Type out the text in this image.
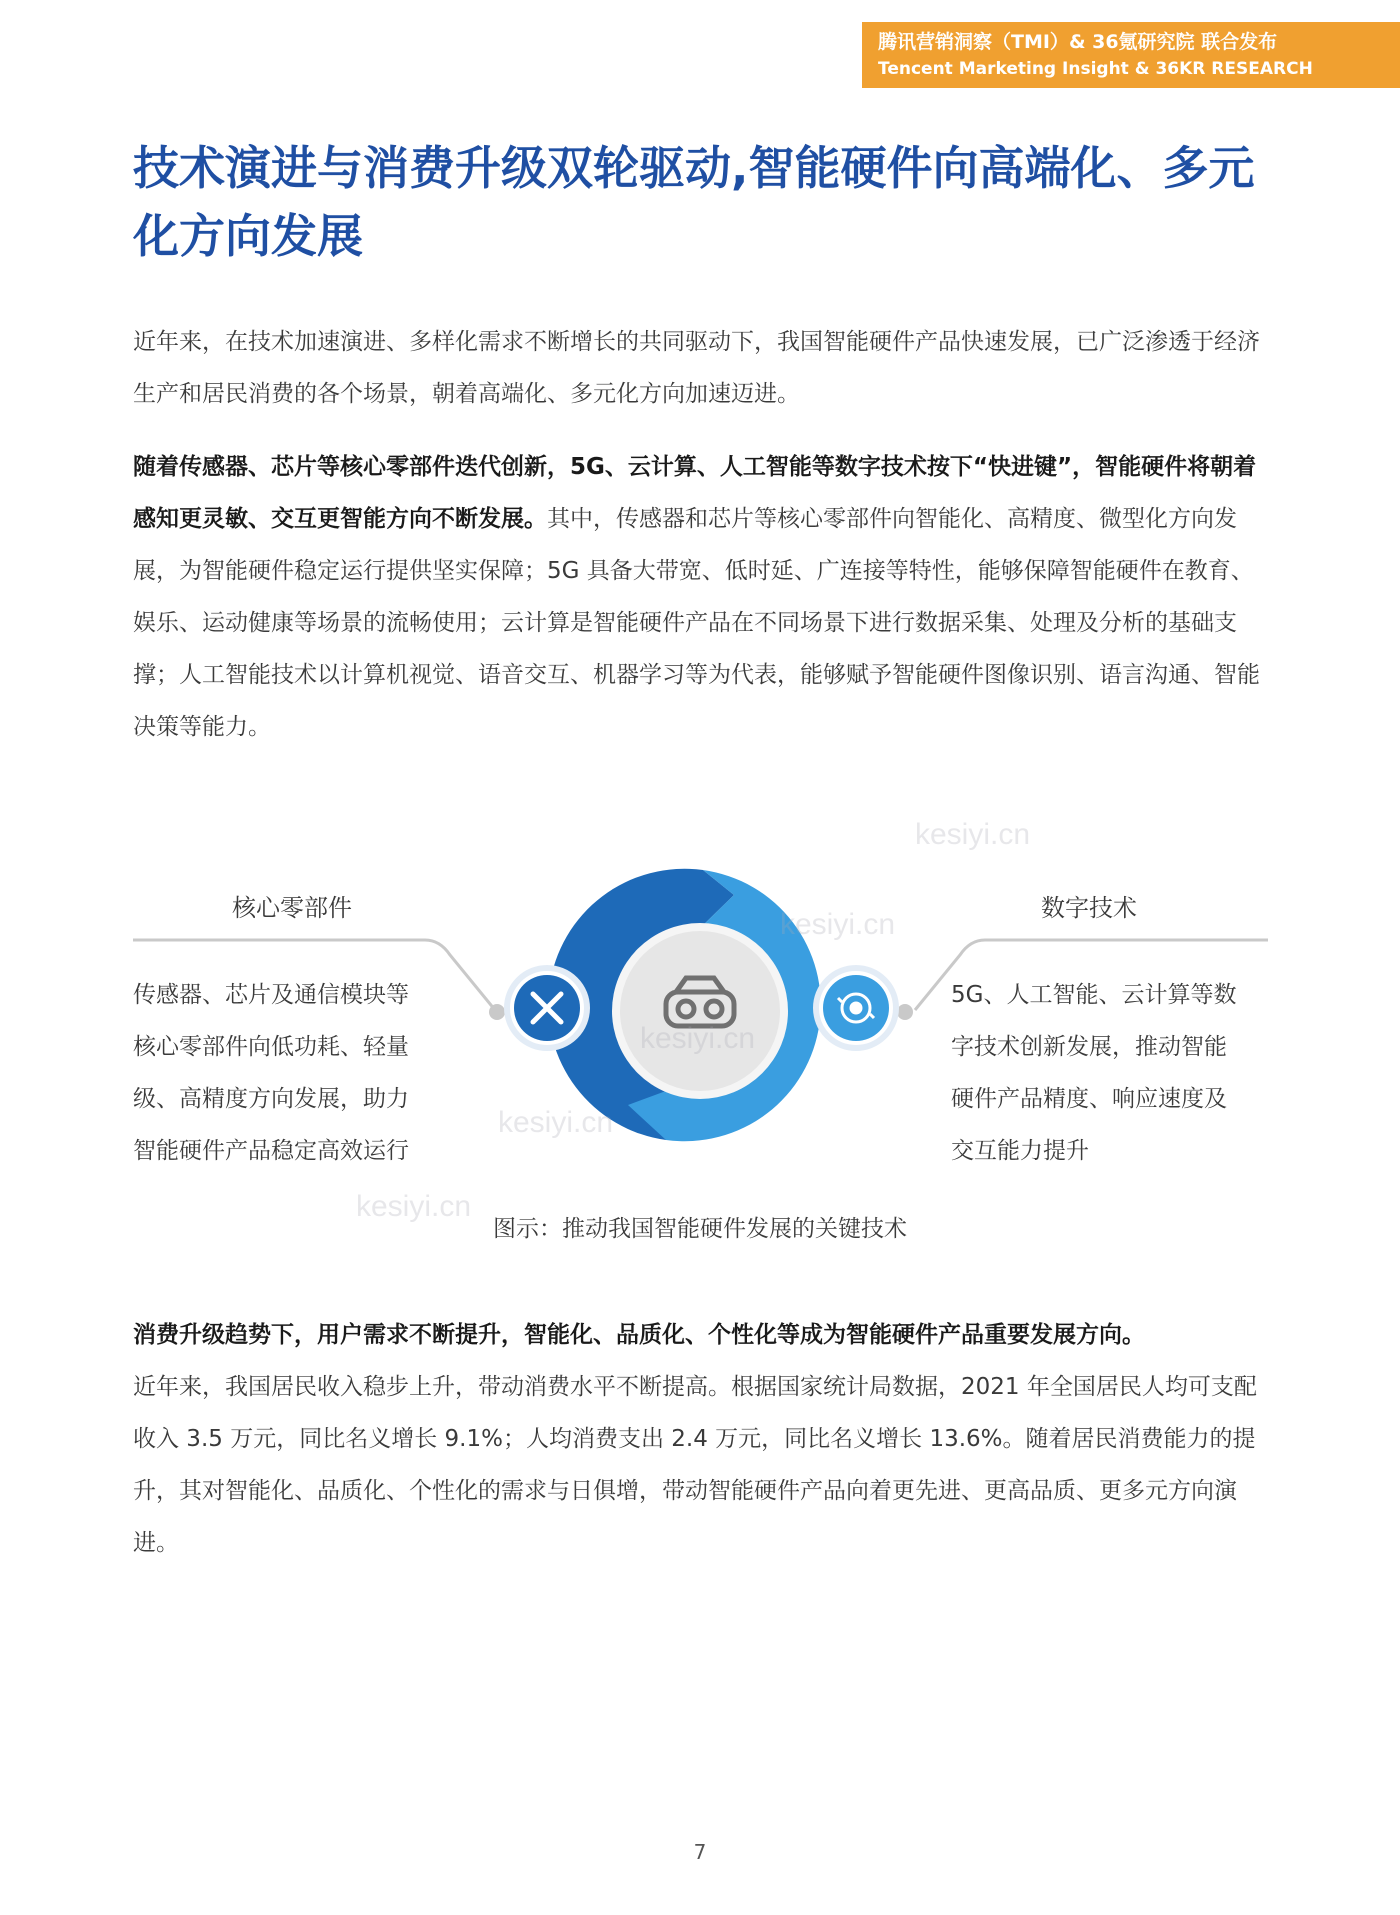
腾讯营销洞察（TMI）& 36氪研究院 联合发布
Tencent Marketing Insight & 36KR RESEARCH
技术演进与消费升级双轮驱动,智能硬件向高端化、多元化方向发展

近年来，在技术加速演进、多样化需求不断增长的共同驱动下，我国智能硬件产品快速发展，已广泛渗透于经济生产和居民消费的各个场景，朝着高端化、多元化方向加速迈进。

随着传感器、芯片等核心零部件迭代创新，5G、云计算、人工智能等数字技术按下“快进键”，智能硬件将朝着感知更灵敏、交互更智能方向不断发展。其中，传感器和芯片等核心零部件向智能化、高精度、微型化方向发展，为智能硬件稳定运行提供坚实保障；5G 具备大带宽、低时延、广连接等特性，能够保障智能硬件在教育、娱乐、运动健康等场景的流畅使用；云计算是智能硬件产品在不同场景下进行数据采集、处理及分析的基础支撑；人工智能技术以计算机视觉、语音交互、机器学习等为代表，能够赋予智能硬件图像识别、语言沟通、智能决策等能力。

核心零部件
传感器、芯片及通信模块等
核心零部件向低功耗、轻量
级、高精度方向发展，助力
智能硬件产品稳定高效运行
数字技术
5G、人工智能、云计算等数
字技术创新发展，推动智能
硬件产品精度、响应速度及
交互能力提升
图示：推动我国智能硬件发展的关键技术

消费升级趋势下，用户需求不断提升，智能化、品质化、个性化等成为智能硬件产品重要发展方向。
近年来，我国居民收入稳步上升，带动消费水平不断提高。根据国家统计局数据，2021 年全国居民人均可支配收入 3.5 万元，同比名义增长 9.1%；人均消费支出 2.4 万元，同比名义增长 13.6%。随着居民消费能力的提升，其对智能化、品质化、个性化的需求与日俱增，带动智能硬件产品向着更先进、更高品质、更多元方向演进。

kesiyi.cn
kesiyi.cn
kesiyi.cn
kesiyi.cn
kesiyi.cn
7
